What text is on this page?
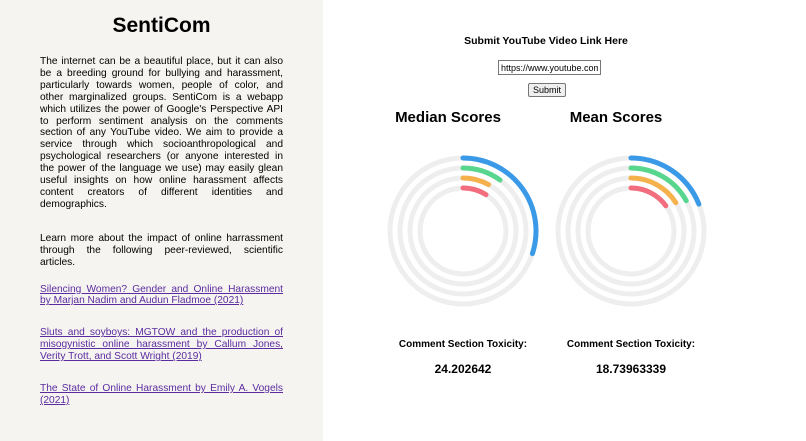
SentiCom

The internet can be a beautiful place, but it can also be a breeding ground for bullying and harassment, particularly towards women, people of color, and other marginalized groups. SentiCom is a webapp which utilizes the power of Google's Perspective API to perform sentiment analysis on the comments section of any YouTube video. We aim to provide a service through which socioanthropological and psychological researchers (or anyone interested in the power of the language we use) may easily glean useful insights on how online harassment affects content creators of different identities and demographics.

Learn more about the impact of online harrassment through the following peer-reviewed, scientific articles.

Silencing Women? Gender and Online Harassment by Marjan Nadim and Audun Fladmoe (2021)
Sluts and soyboys: MGTOW and the production of misogynistic online harassment by Callum Jones, Verity Trott, and Scott Wright (2019)
The State of Online Harassment by Emily A. Vogels (2021)
Submit YouTube Video Link Here
https://www.youtube.com
Submit
Median Scores	Mean Scores
Comment Section Toxicity:
24.202642
Comment Section Toxicity:
18.73963339
